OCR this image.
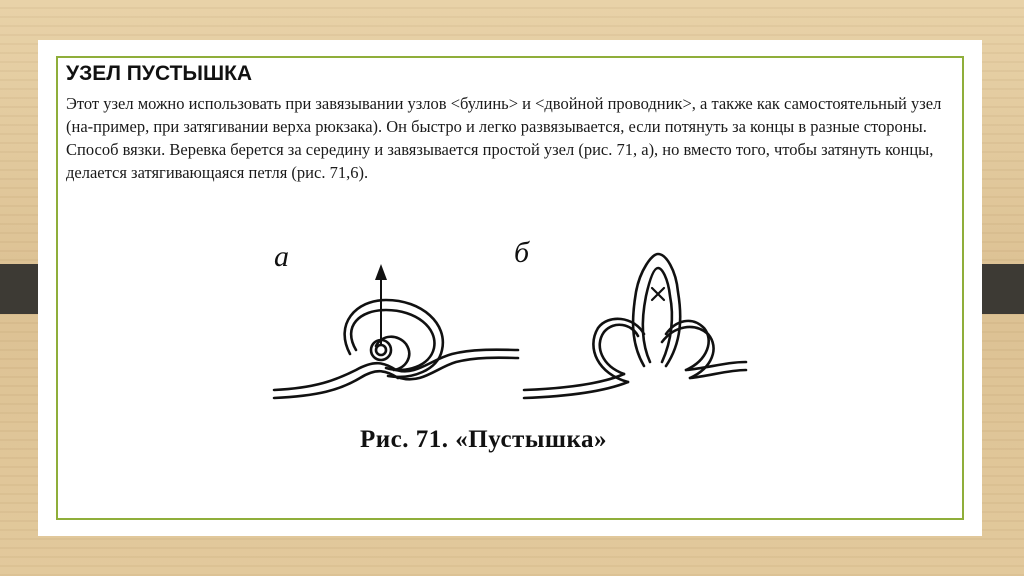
УЗЕЛ ПУСТЫШКА

Этот узел можно использовать при завязывании узлов <булинь> и <двойной проводник>, а также как самостоятельный узел (на-пример, при затягивании верха рюкзака). Он быстро и легко развязывается, если потянуть за концы в разные стороны.

Способ вязки. Веревка берется за середину и завязывается простой узел (рис. 71, а), но вместо того, чтобы затянуть концы, делается затягивающаяся петля (рис. 71,6).

а	б
Рис. 71. «Пустышка»
